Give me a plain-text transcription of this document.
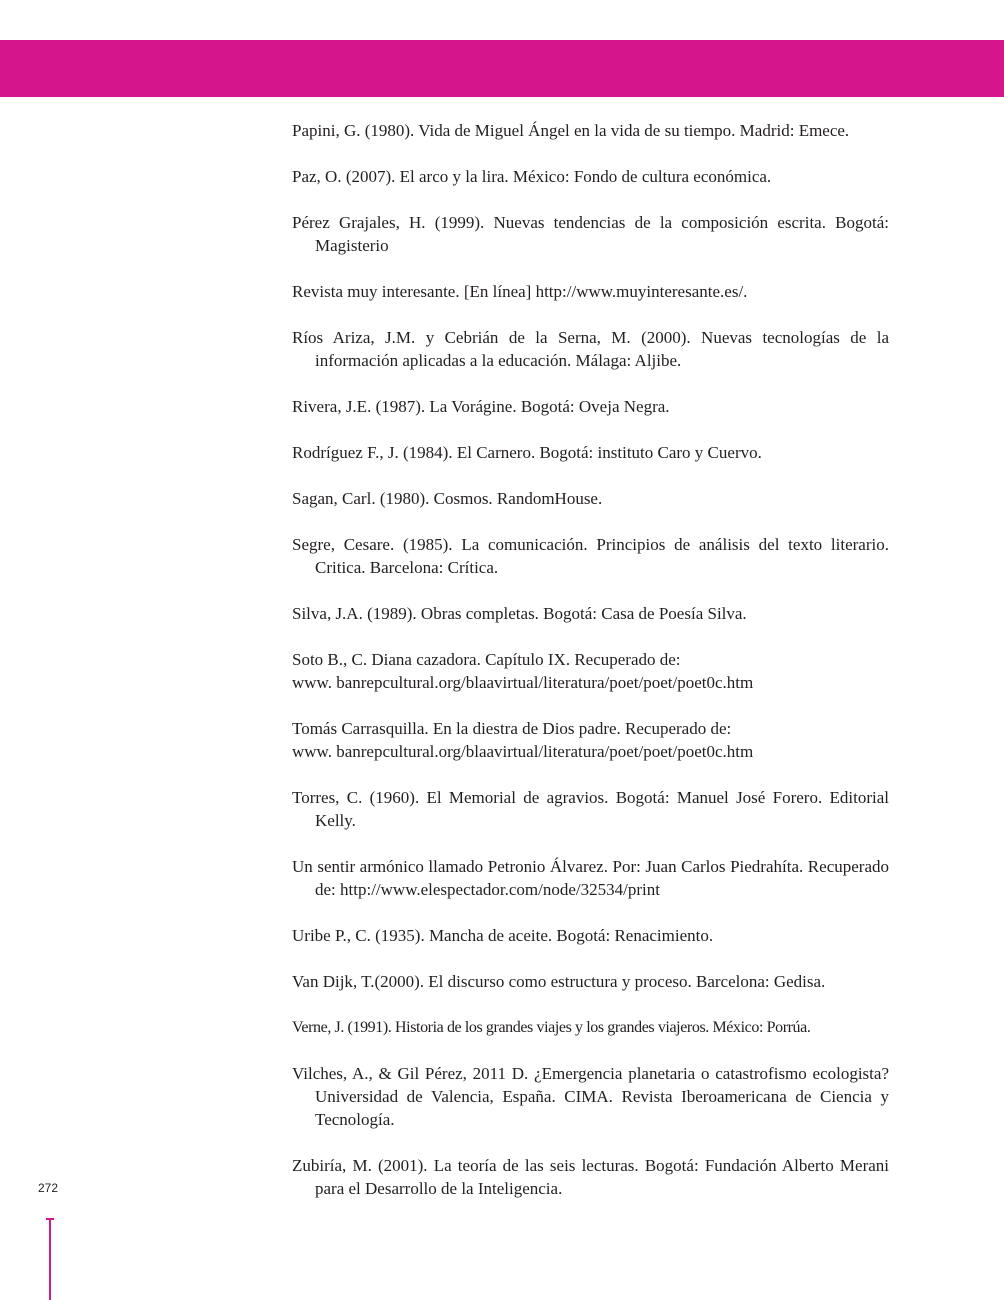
Papini, G. (1980). Vida de Miguel Ángel en la vida de su tiempo. Madrid: Emece.
Paz, O. (2007). El arco y la lira. México: Fondo de cultura económica.
Pérez Grajales, H. (1999). Nuevas tendencias de la composición escrita. Bogotá: Magisterio
Revista muy interesante. [En línea] http://www.muyinteresante.es/.
Ríos Ariza, J.M. y Cebrián de la Serna, M. (2000). Nuevas tecnologías de la información aplicadas a la educación. Málaga: Aljibe.
Rivera, J.E. (1987). La Vorágine. Bogotá: Oveja Negra.
Rodríguez F., J. (1984). El Carnero. Bogotá: instituto Caro y Cuervo.
Sagan, Carl. (1980). Cosmos. RandomHouse.
Segre, Cesare. (1985). La comunicación. Principios de análisis del texto literario. Critica. Barcelona: Crítica.
Silva, J.A. (1989). Obras completas. Bogotá: Casa de Poesía Silva.
Soto B., C. Diana cazadora. Capítulo IX. Recuperado de:
www. banrepcultural.org/blaavirtual/literatura/poet/poet/poet0c.htm
Tomás Carrasquilla. En la diestra de Dios padre. Recuperado de:
www. banrepcultural.org/blaavirtual/literatura/poet/poet/poet0c.htm
Torres, C. (1960). El Memorial de agravios. Bogotá: Manuel José Forero. Editorial Kelly.
Un sentir armónico llamado Petronio Álvarez. Por: Juan Carlos Piedrahíta. Recuperado de: http://www.elespectador.com/node/32534/print
Uribe P., C. (1935). Mancha de aceite. Bogotá: Renacimiento.
Van Dijk, T.(2000). El discurso como estructura y proceso. Barcelona: Gedisa.
Verne, J. (1991). Historia de los grandes viajes y los grandes viajeros. México: Porrúa.
Vilches, A., & Gil Pérez, 2011 D. ¿Emergencia planetaria o catastrofismo ecologista? Universidad de Valencia, España. CIMA. Revista Iberoamericana de Ciencia y Tecnología.
Zubiría, M. (2001). La teoría de las seis lecturas. Bogotá: Fundación Alberto Merani para el Desarrollo de la Inteligencia.
272
